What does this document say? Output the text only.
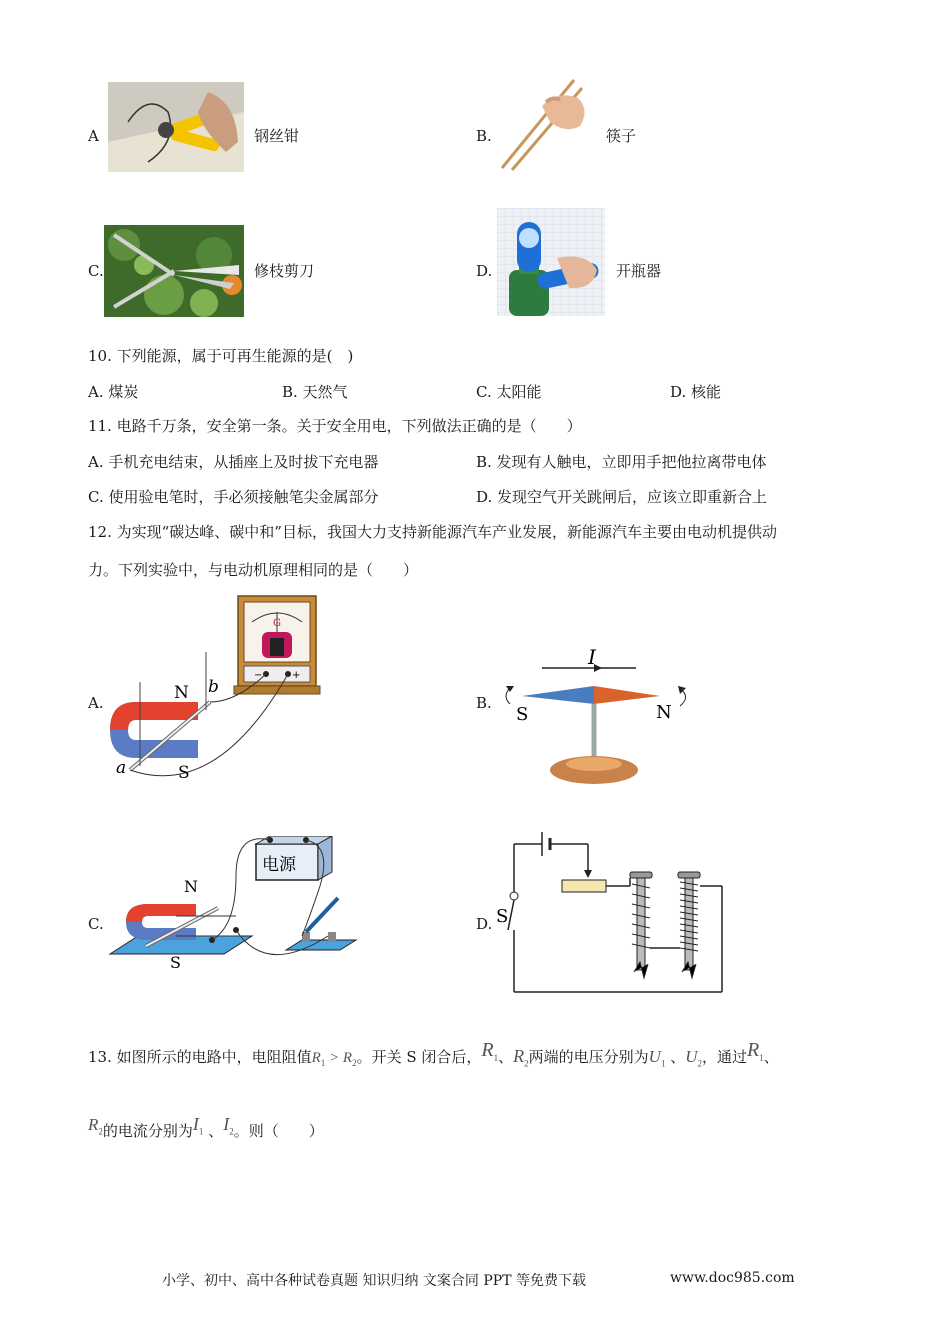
A	钢丝钳	B.	筷子
C.	修枝剪刀	D.	开瓶器
10. 下列能源，属于可再生能源的是( )
A. 煤炭	B. 天然气	C. 太阳能	D. 核能
11. 电路千万条，安全第一条。关于安全用电，下列做法正确的是（  ）
A. 手机充电结束，从插座上及时拔下充电器	B. 发现有人触电，立即用手把他拉离带电体
C. 使用验电笔时，手必须接触笔尖金属部分	D. 发现空气开关跳闸后，应该立即重新合上
12. 为实现“碳达峰、碳中和”目标，我国大力支持新能源汽车产业发展，新能源汽车主要由电动机提供动
力。下列实验中，与电动机原理相同的是（  ）
A.
G
−	+
N
S
a
b
B.
I
S	N
C.
电源
N
S
D. S
13. 如图所示的电路中，电阻阻值$R_1 > R_2$。开关 S 闭合后，$R_1$、$R_2$两端的电压分别为$U_1$ 、$U_2$，通过$R_1$、
$R_2$的电流分别为$I_1$ 、$I_2$。则（  ）
小学、初中、高中各种试卷真题 知识归纳 文案合同 PPT 等免费下载	www.doc985.com
